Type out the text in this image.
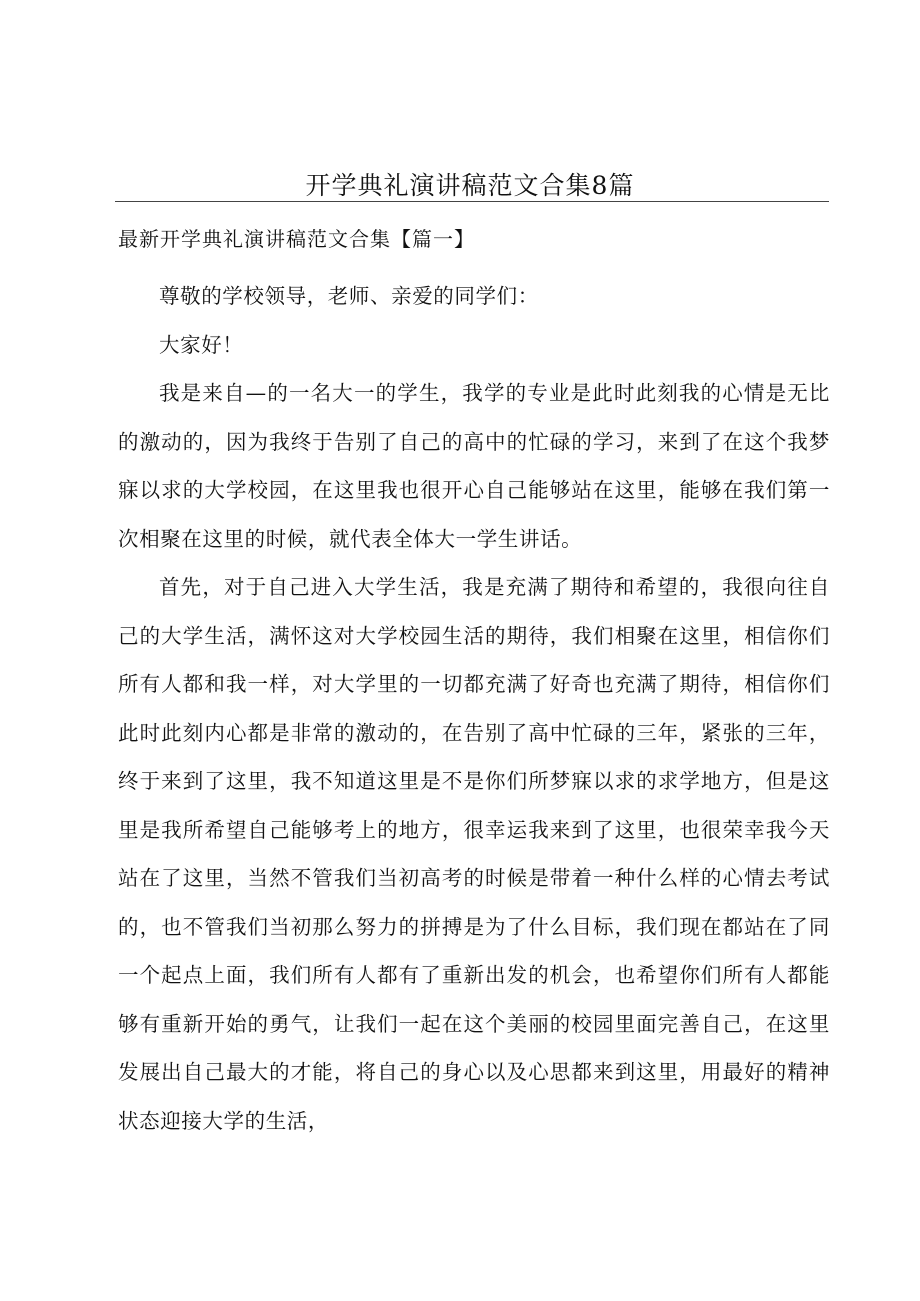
开学典礼演讲稿范文合集8篇
最新开学典礼演讲稿范文合集【篇一】

尊敬的学校领导，老师、亲爱的同学们：

大家好！

我是来自—的一名大一的学生，我学的专业是此时此刻我的心情是无比的激动的，因为我终于告别了自己的高中的忙碌的学习，来到了在这个我梦寐以求的大学校园，在这里我也很开心自己能够站在这里，能够在我们第一次相聚在这里的时候，就代表全体大一学生讲话。

首先，对于自己进入大学生活，我是充满了期待和希望的，我很向往自己的大学生活，满怀这对大学校园生活的期待，我们相聚在这里，相信你们所有人都和我一样，对大学里的一切都充满了好奇也充满了期待，相信你们此时此刻内心都是非常的激动的，在告别了高中忙碌的三年，紧张的三年，终于来到了这里，我不知道这里是不是你们所梦寐以求的求学地方，但是这里是我所希望自己能够考上的地方，很幸运我来到了这里，也很荣幸我今天站在了这里，当然不管我们当初高考的时候是带着一种什么样的心情去考试的，也不管我们当初那么努力的拼搏是为了什么目标，我们现在都站在了同一个起点上面，我们所有人都有了重新出发的机会，也希望你们所有人都能够有重新开始的勇气，让我们一起在这个美丽的校园里面完善自己，在这里发展出自己最大的才能，将自己的身心以及心思都来到这里，用最好的精神状态迎接大学的生活，
